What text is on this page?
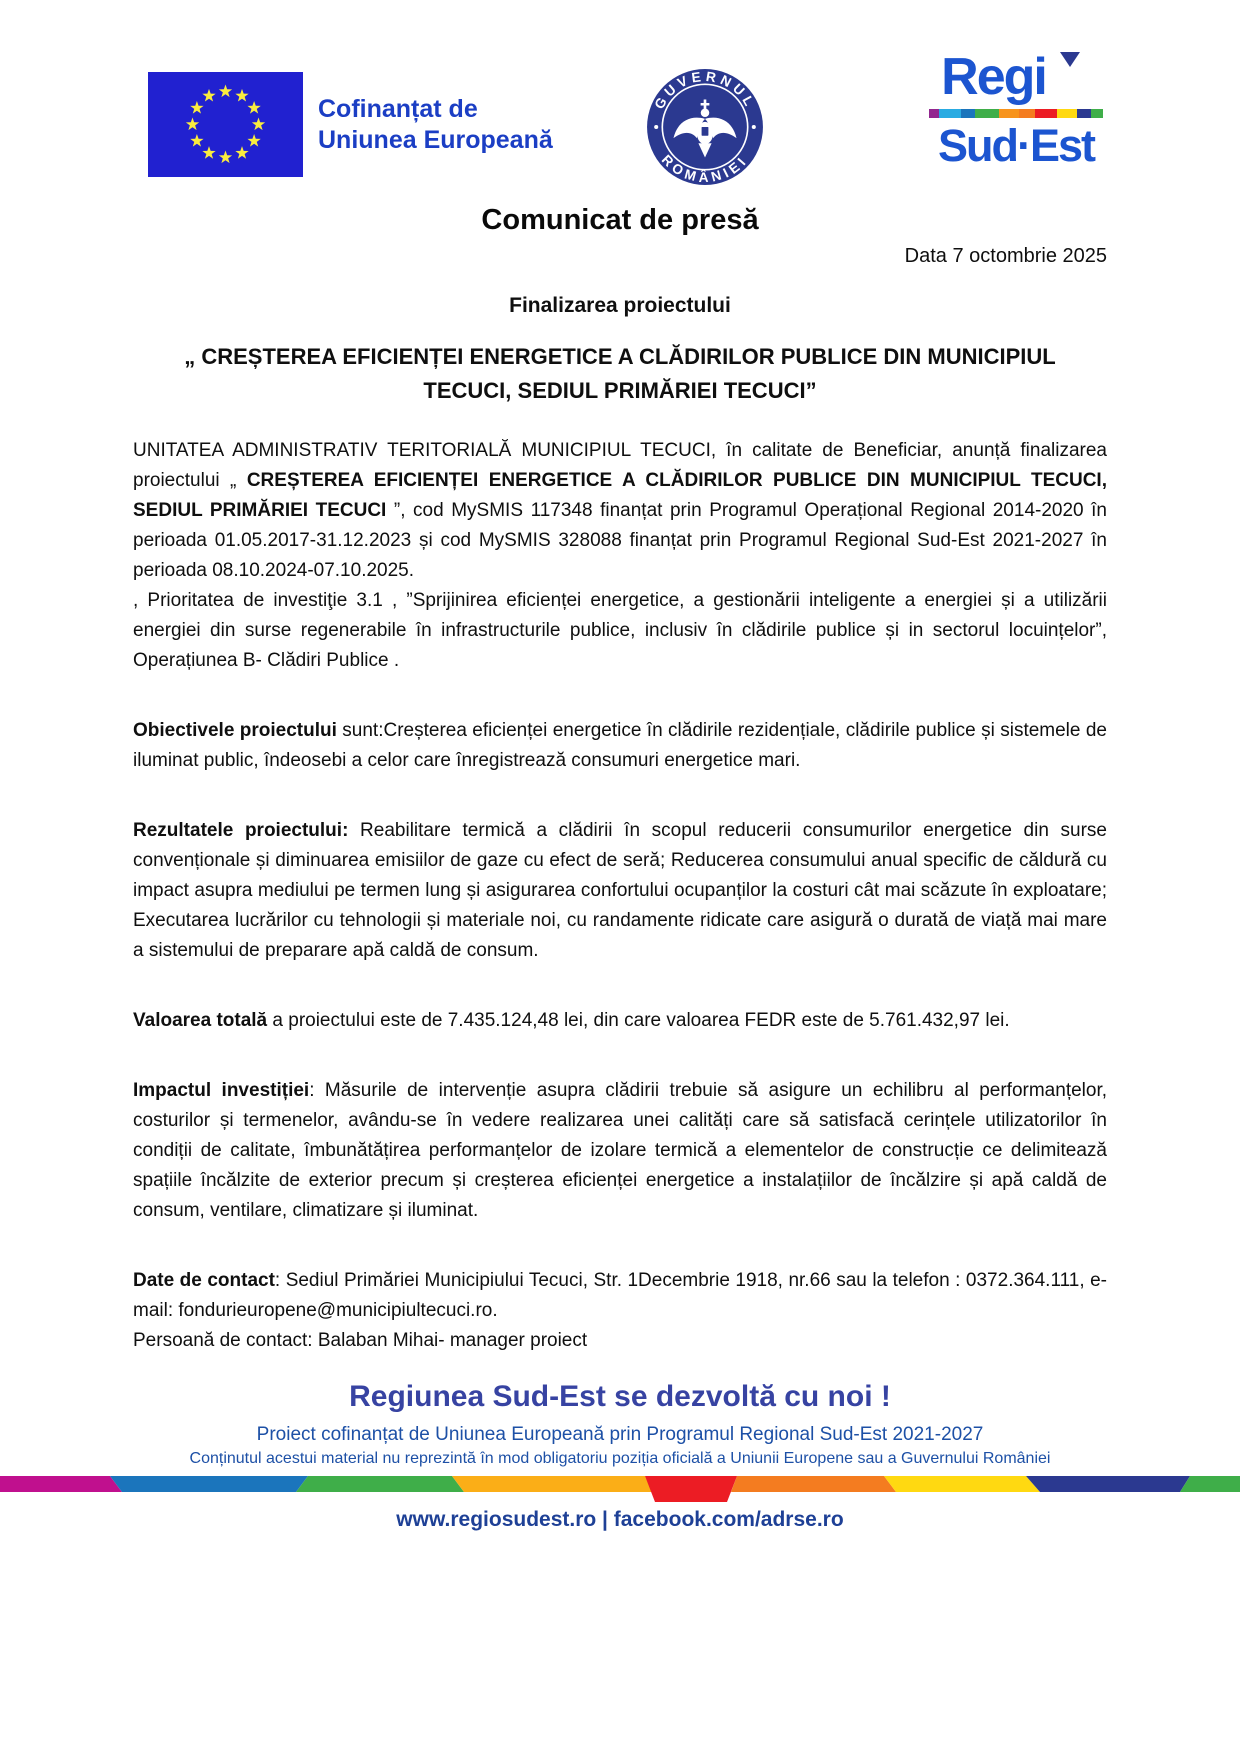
Cofinanțat de
Uniunea Europeană
GUVERNUL
ROMÂNIEI
Regi
Sud·Est
Comunicat de presă
Data 7 octombrie 2025
Finalizarea proiectului
„ CREȘTEREA EFICIENȚEI ENERGETICE A CLĂDIRILOR PUBLICE DIN MUNICIPIUL
TECUCI, SEDIUL PRIMĂRIEI TECUCI”

UNITATEA ADMINISTRATIV TERITORIALĂ MUNICIPIUL TECUCI, în calitate de Beneficiar, anunță finalizarea proiectului „ CREȘTEREA EFICIENȚEI ENERGETICE A CLĂDIRILOR PUBLICE DIN MUNICIPIUL TECUCI, SEDIUL PRIMĂRIEI TECUCI ”, cod MySMIS 117348 finanțat prin Programul Operațional Regional 2014-2020 în perioada 01.05.2017-31.12.2023 și cod MySMIS 328088 finanțat prin Programul Regional Sud-Est 2021-2027 în perioada 08.10.2024-07.10.2025.

, Prioritatea de investiţie 3.1 , ”Sprijinirea eficienței energetice, a gestionării inteligente a energiei și a utilizării energiei din surse regenerabile în infrastructurile publice, inclusiv în clădirile publice și in sectorul locuințelor”, Operațiunea B- Clădiri Publice .

Obiectivele proiectului sunt:Creșterea eficienței energetice în clădirile rezidențiale, clădirile publice și sistemele de iluminat public, îndeosebi a celor care înregistrează consumuri energetice mari.

Rezultatele proiectului: Reabilitare termică a clădirii în scopul reducerii consumurilor energetice din surse convenționale și diminuarea emisiilor de gaze cu efect de seră; Reducerea consumului anual specific de căldură cu impact asupra mediului pe termen lung și asigurarea confortului ocupanților la costuri cât mai scăzute în exploatare; Executarea lucrărilor cu tehnologii și materiale noi, cu randamente ridicate care asigură o durată de viață mai mare a sistemului de preparare apă caldă de consum.

Valoarea totală a proiectului este de 7.435.124,48 lei, din care valoarea FEDR este de 5.761.432,97 lei.

Impactul investiției: Măsurile de intervenție asupra clădirii trebuie să asigure un echilibru al performanțelor, costurilor și termenelor, avându-se în vedere realizarea unei calități care să satisfacă cerințele utilizatorilor în condiții de calitate, îmbunătățirea performanțelor de izolare termică a elementelor de construcție ce delimitează spațiile încălzite de exterior precum și creșterea eficienței energetice a instalațiilor de încălzire și apă caldă de consum, ventilare, climatizare și iluminat.

Date de contact: Sediul Primăriei Municipiului Tecuci, Str. 1Decembrie 1918, nr.66 sau la telefon : 0372.364.111, e-mail: fondurieuropene@municipiultecuci.ro.

Persoană de contact: Balaban Mihai- manager proiect

Regiunea Sud-Est se dezvoltă cu noi !
Proiect cofinanțat de Uniunea Europeană prin Programul Regional Sud-Est 2021-2027
Conținutul acestui material nu reprezintă în mod obligatoriu poziția oficială a Uniunii Europene sau a Guvernului României
www.regiosudest.ro | facebook.com/adrse.ro
